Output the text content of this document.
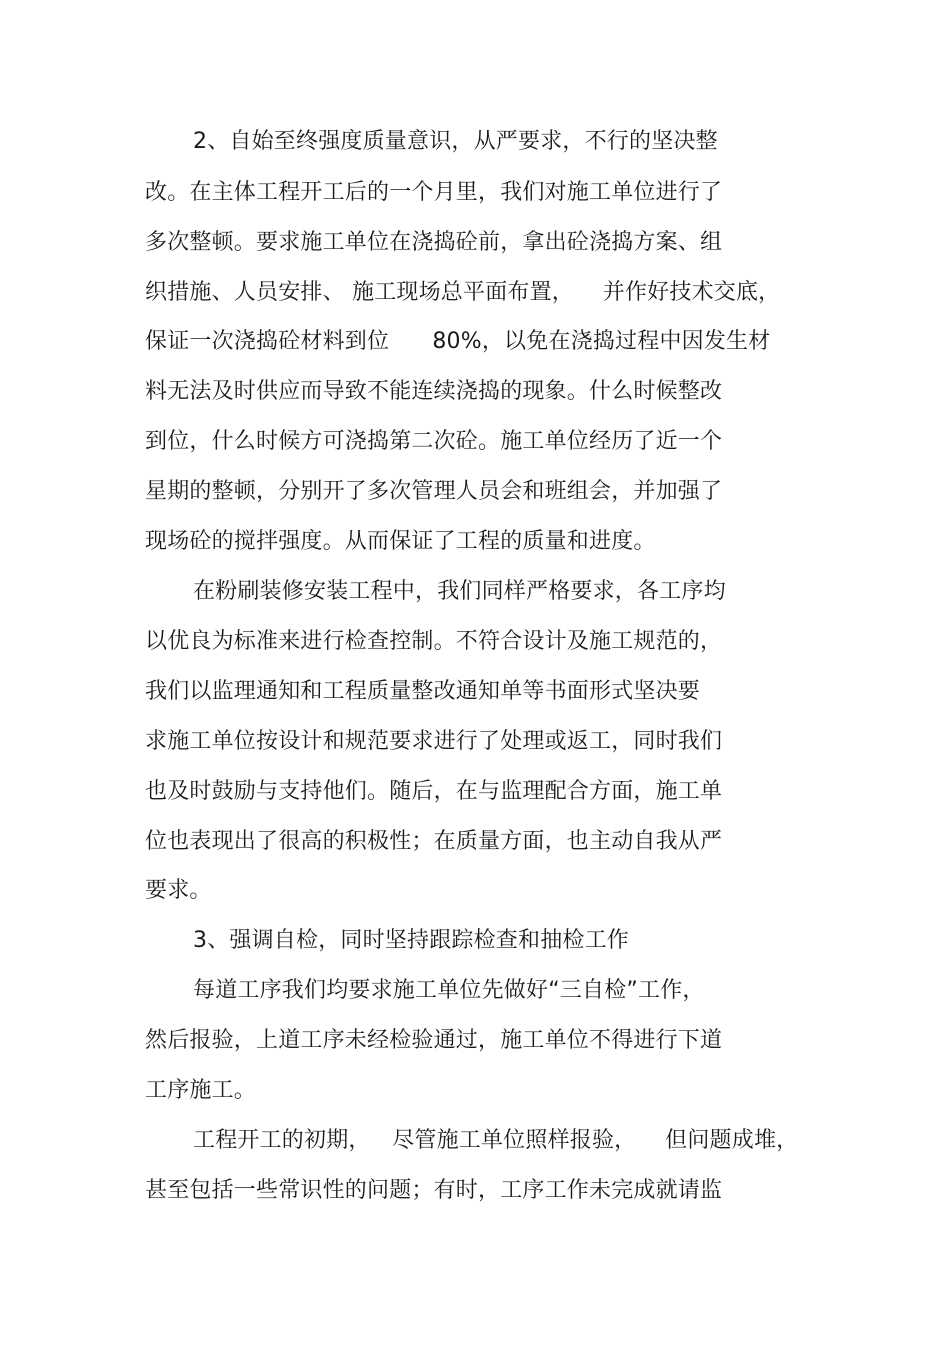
2、自始至终强度质量意识，从严要求，不行的坚决整
改。在主体工程开工后的一个月里，我们对施工单位进行了
多次整顿。要求施工单位在浇捣砼前，拿出砼浇捣方案、组
织措施、人员安排、 施工现场总平面布置，    并作好技术交底，
保证一次浇捣砼材料到位      80%，以免在浇捣过程中因发生材
料无法及时供应而导致不能连续浇捣的现象。什么时候整改
到位，什么时候方可浇捣第二次砼。施工单位经历了近一个
星期的整顿，分别开了多次管理人员会和班组会，并加强了
现场砼的搅拌强度。从而保证了工程的质量和进度。
在粉刷装修安装工程中，我们同样严格要求，各工序均
以优良为标准来进行检查控制。不符合设计及施工规范的，
我们以监理通知和工程质量整改通知单等书面形式坚决要
求施工单位按设计和规范要求进行了处理或返工，同时我们
也及时鼓励与支持他们。随后，在与监理配合方面，施工单
位也表现出了很高的积极性；在质量方面，也主动自我从严
要求。
3、强调自检，同时坚持跟踪检查和抽检工作
每道工序我们均要求施工单位先做好“三自检”工作，
然后报验，上道工序未经检验通过，施工单位不得进行下道
工序施工。
工程开工的初期，   尽管施工单位照样报验，    但问题成堆，
甚至包括一些常识性的问题；有时，工序工作未完成就请监
